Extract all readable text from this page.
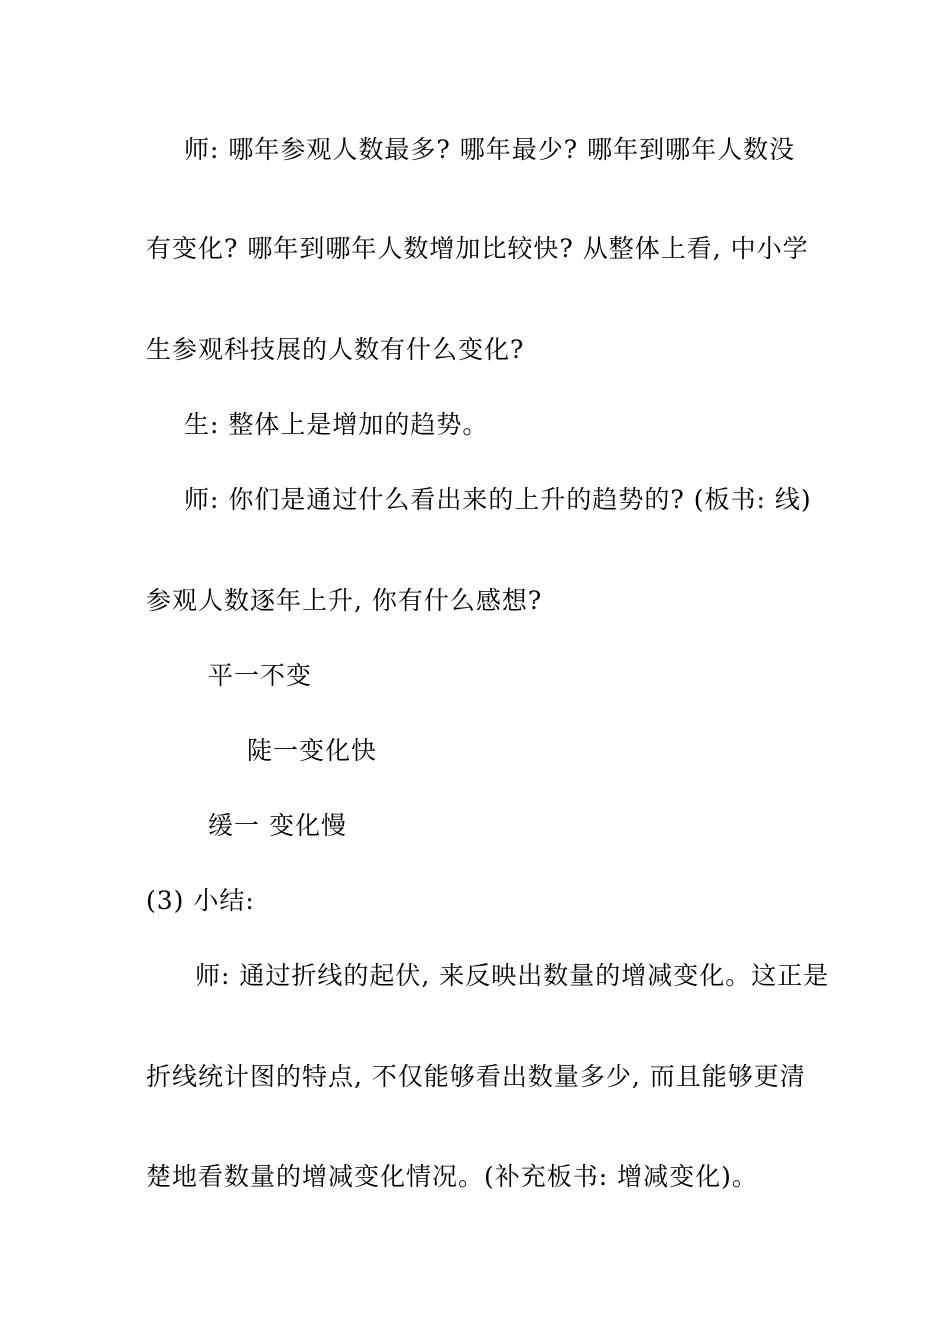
师: 哪年参观人数最多? 哪年最少? 哪年到哪年人数没
有变化? 哪年到哪年人数增加比较快? 从整体上看, 中小学
生参观科技展的人数有什么变化?
生: 整体上是增加的趋势。
师: 你们是通过什么看出来的上升的趋势的? (板书: 线)
参观人数逐年上升, 你有什么感想?
平一不变
陡一变化快
缓一 变化慢
(3) 小结:
师: 通过折线的起伏, 来反映出数量的增减变化。这正是
折线统计图的特点, 不仅能够看出数量多少, 而且能够更清
楚地看数量的增减变化情况。(补充板书: 增减变化)。
